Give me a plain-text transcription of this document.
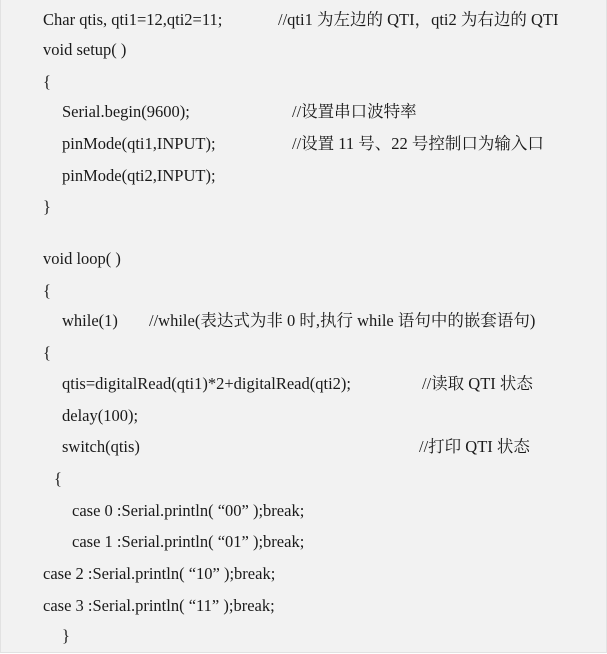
Char qtis, qti1=12,qti2=11;	//qti1 为左边的 QTI，qti2 为右边的 QTI
void setup( )
{
Serial.begin(9600);	//设置串口波特率
pinMode(qti1,INPUT);	//设置 11 号、22 号控制口为输入口
pinMode(qti2,INPUT);
}
void loop( )
{
while(1) //while(表达式为非 0 时,执行 while 语句中的嵌套语句)
{
qtis=digitalRead(qti1)*2+digitalRead(qti2);	//读取 QTI 状态
delay(100);
switch(qtis)	//打印 QTI 状态
{
case 0 :Serial.println( “00” );break;
case 1 :Serial.println( “01” );break;
case 2 :Serial.println( “10” );break;
case 3 :Serial.println( “11” );break;
}
